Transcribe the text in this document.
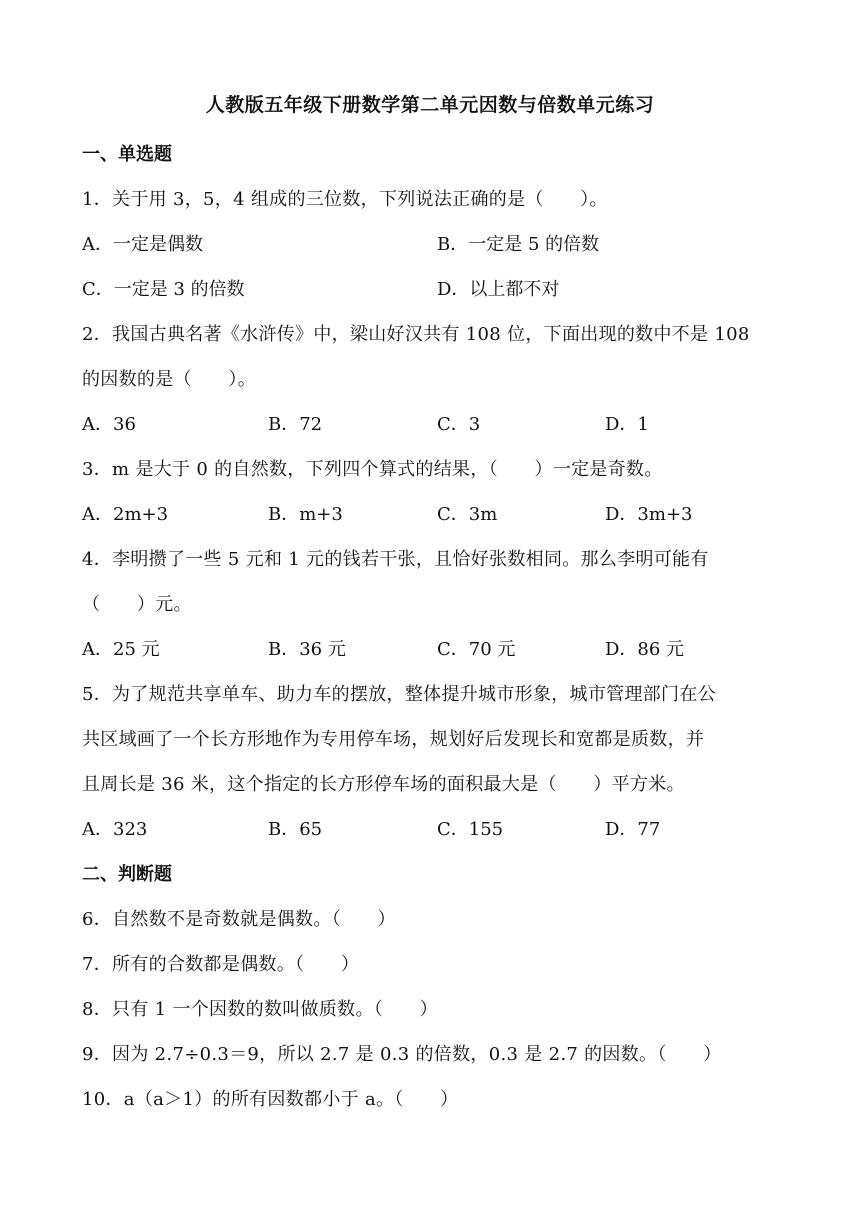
人教版五年级下册数学第二单元因数与倍数单元练习
一、单选题
1．关于用 3，5，4 组成的三位数，下列说法正确的是（　　）。
A．一定是偶数	B．一定是 5 的倍数
C．一定是 3 的倍数	D．以上都不对
2．我国古典名著《水浒传》中，梁山好汉共有 108 位，下面出现的数中不是 108
的因数的是（　　）。
A．36	B．72	C．3	D．1
3．m 是大于 0 的自然数，下列四个算式的结果，（　　）一定是奇数。
A．2m+3	B．m+3	C．3m	D．3m+3
4．李明攒了一些 5 元和 1 元的钱若干张，且恰好张数相同。那么李明可能有
（　　）元。
A．25 元	B．36 元	C．70 元	D．86 元
5．为了规范共享单车、助力车的摆放，整体提升城市形象，城市管理部门在公
共区域画了一个长方形地作为专用停车场，规划好后发现长和宽都是质数，并
且周长是 36 米，这个指定的长方形停车场的面积最大是（　　）平方米。
A．323	B．65	C．155	D．77
二、判断题
6．自然数不是奇数就是偶数。（　　）
7．所有的合数都是偶数。（　　）
8．只有 1 一个因数的数叫做质数。（　　）
9．因为 2.7÷0.3＝9，所以 2.7 是 0.3 的倍数，0.3 是 2.7 的因数。（　　）
10．a（a＞1）的所有因数都小于 a。（　　）
